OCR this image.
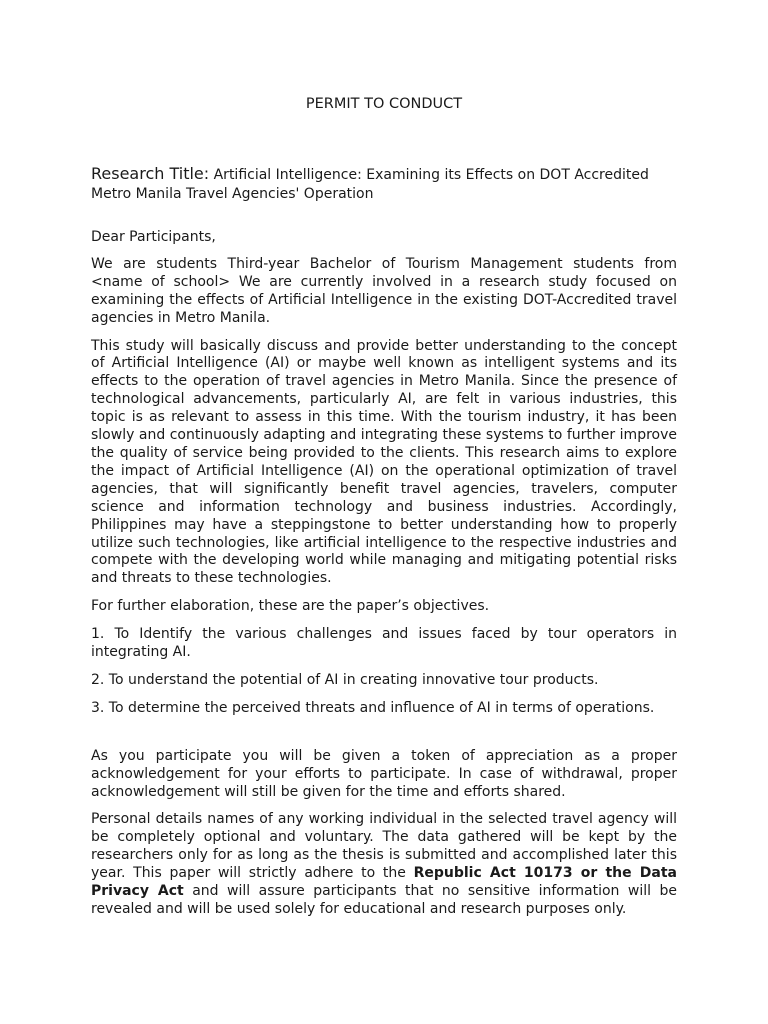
PERMIT TO CONDUCT
Research Title: Artificial Intelligence: Examining its Effects on DOT Accredited Metro Manila Travel Agencies' Operation

Dear Participants,

We are students Third-year Bachelor of Tourism Management students from <name of school> We are currently involved in a research study focused on examining the effects of Artificial Intelligence in the existing DOT-Accredited travel agencies in Metro Manila.

This study will basically discuss and provide better understanding to the concept of Artificial Intelligence (AI) or maybe well known as intelligent systems and its effects to the operation of travel agencies in Metro Manila. Since the presence of technological advancements, particularly AI, are felt in various industries, this topic is as relevant to assess in this time. With the tourism industry, it has been slowly and continuously adapting and integrating these systems to further improve the quality of service being provided to the clients. This research aims to explore the impact of Artificial Intelligence (AI) on the operational optimization of travel agencies, that will significantly benefit travel agencies, travelers, computer science and information technology and business industries. Accordingly, Philippines may have a steppingstone to better understanding how to properly utilize such technologies, like artificial intelligence to the respective industries and compete with the developing world while managing and mitigating potential risks and threats to these technologies.

For further elaboration, these are the paper’s objectives.

1. To Identify the various challenges and issues faced by tour operators in integrating AI.

2. To understand the potential of AI in creating innovative tour products.

3. To determine the perceived threats and influence of AI in terms of operations.

As you participate you will be given a token of appreciation as a proper acknowledgement for your efforts to participate. In case of withdrawal, proper acknowledgement will still be given for the time and efforts shared.

Personal details names of any working individual in the selected travel agency will be completely optional and voluntary. The data gathered will be kept by the researchers only for as long as the thesis is submitted and accomplished later this year. This paper will strictly adhere to the Republic Act 10173 or the Data Privacy Act and will assure participants that no sensitive information will be revealed and will be used solely for educational and research purposes only.
